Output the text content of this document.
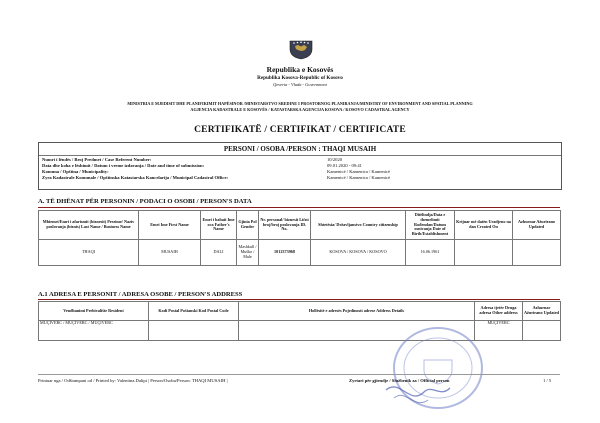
Republika e Kosovës
Republika Kosova-Republic of Kosovo
Qeveria - Vlada - Government
MINISTRIA E MJEDISIT DHE PLANIFIKIMIT HAPËSINOR /MINISTARSTVO SREDINE I PROSTORNOG PLANIRANJA/MINISTRY OF ENVIRONMENT AND SPATIAL PLANNING
AGJENCIA KADASTRALE E KOSOVËS / KATASTARSKA AGENCIJA KOSOVA / KOSOVO CADASTRAL AGENCY
CERTIFIKATË / CERTIFIKAT / CERTIFICATE
PERSONI / OSOBA /PERSON : THAQI MUSAIH
Numri i lëndës / Broj Predmet / Case Referent Number:	10/2020
Data dhe koha e lëshimit / Datum i vreme izdavanja / Date and time of submission:	09.01.2020 - 09:41
Komuna / Opština / Municipality:	Kamenicë / Kamenica / Kamenicë
Zyra Kadastrale Komunale / Opštinska Katastarska Kancelarija / Municipal Cadastral Office:	Kamenicë / Kamenica / Kamenicë
A. TË DHËNAT PËR PERSONIN / PODACI O OSOBI / PERSON'S DATA
Mbiemri/Emri i afarismit (biznesit) Prezime/ Naziv poslovanja (biznis) Last Name / Business Name	Emri Ime First Name	Emri i babait Ime oca Father's Name	Gjinia Pol Gender	Nr. personal/ biznesit Lični broj/broj poslovanja ID. No.	Shtetësia/ Državljanstvo Country citizenship	Ditëlindja/Data e themelimit Rođendan/Datum osnivanja Date of Birth/Establishment	Krijuar më datën Uradjeno na dan Created On	Azhurnar Ažurirano Updated
THAQI	MUSAIH	DALI	Mashkull / Muško / Male	1012373968	KOSOVA / KOSOVA / KOSOVO	16.06.1961		
A.1 ADRESA E PERSONIT / ADRESA OSOBE / PERSON'S ADDRESS
Vendbanimi Prebivalište Resident	Kodi Postal Poštanski Kod Postal Code	Hollësitë e adresës Pojedinosti adrese Address Details	Adresa tjetër Druga adresa Other address	Azhurnar Ažurirano Updated
MUÇIVERC / MUÇIVERC / MUÇIVERC			MUÇIVERC	
Printuar nga / Odštampani od / Printed by: Valentina.Dalipi | Person/Osoba/Person: THAQI MUSAIH |	Zyrtari për gjiendje / Službenik za / Official person	1 / 5
